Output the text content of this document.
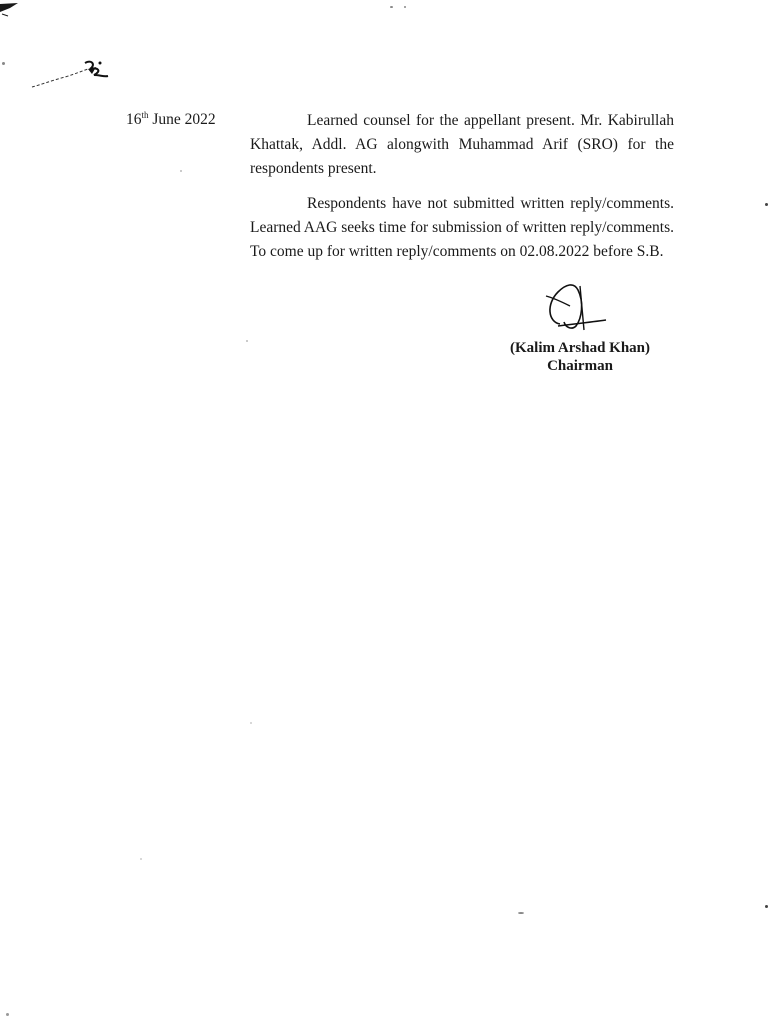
16th June 2022	Learned counsel for the appellant present. Mr. Kabirullah Khattak, Addl. AG alongwith Muhammad Arif (SRO) for the respondents present.

Respondents have not submitted written reply/comments. Learned AAG seeks time for submission of written reply/comments. To come up for written reply/comments on 02.08.2022 before S.B.

(Kalim Arshad Khan)
Chairman
